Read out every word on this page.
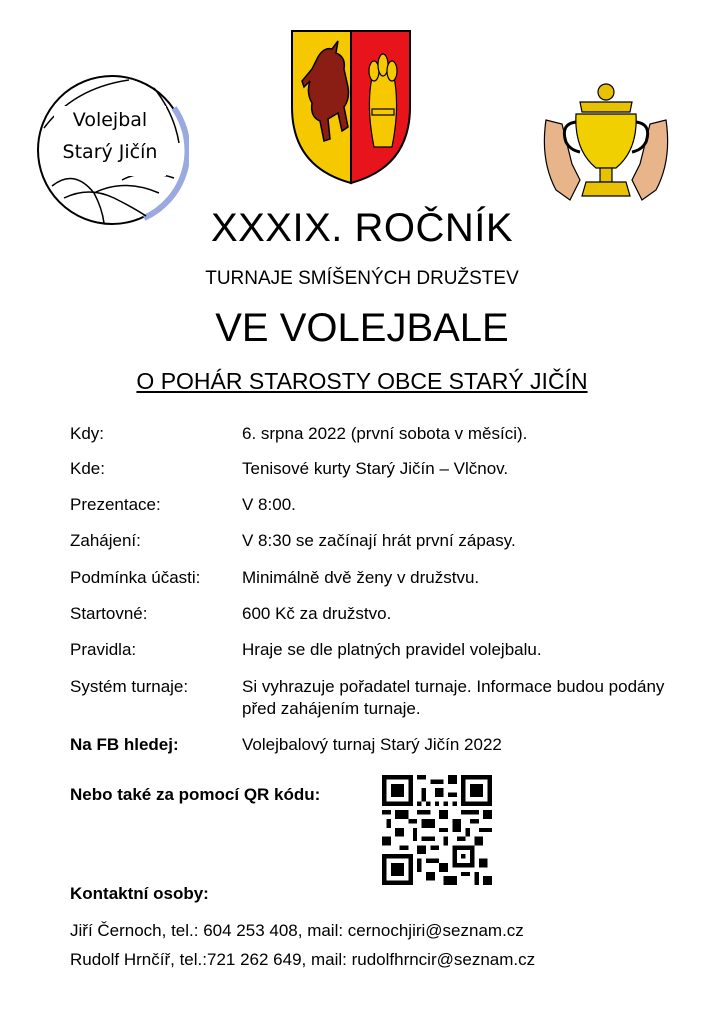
Volejbal
Starý Jičín
XXXIX. ROČNÍK
TURNAJE SMÍŠENÝCH DRUŽSTEV
VE VOLEJBALE
O POHÁR STAROSTY OBCE STARÝ JIČÍN
Kdy:	6. srpna 2022 (první sobota v měsíci).
Kde:	Tenisové kurty Starý Jičín – Vlčnov.
Prezentace:	V 8:00.
Zahájení:	V 8:30 se začínají hrát první zápasy.
Podmínka účasti:	Minimálně dvě ženy v družstvu.
Startovné:	600 Kč za družstvo.
Pravidla:	Hraje se dle platných pravidel volejbalu.
Systém turnaje:	Si vyhrazuje pořadatel turnaje. Informace budou podány před zahájením turnaje.
Na FB hledej:	Volejbalový turnaj Starý Jičín 2022
Nebo také za pomocí QR kódu:
Kontaktní osoby:
Jiří Černoch, tel.: 604 253 408, mail: cernochjiri@seznam.cz
Rudolf Hrnčíř, tel.:721 262 649, mail: rudolfhrncir@seznam.cz
